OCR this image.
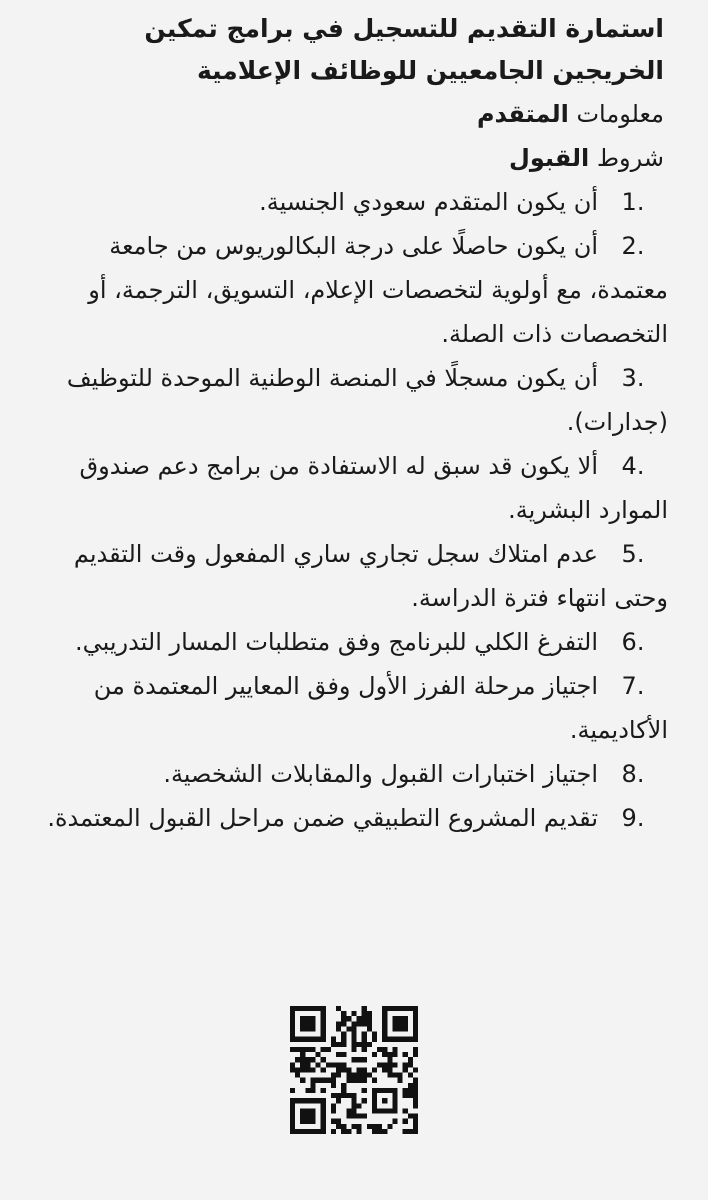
استمارة التقديم للتسجيل في برامج تمكين الخريجين الجامعيين للوظائف الإعلامية

معلومات المتقدم

شروط القبول

1.أن يكون المتقدم سعودي الجنسية.
2.أن يكون حاصلًا على درجة البكالوريوس من جامعة معتمدة، مع أولوية لتخصصات الإعلام، التسويق، الترجمة، أو التخصصات ذات الصلة.
3.أن يكون مسجلًا في المنصة الوطنية الموحدة للتوظيف (جدارات).
4.ألا يكون قد سبق له الاستفادة من برامج دعم صندوق الموارد البشرية.
5.عدم امتلاك سجل تجاري ساري المفعول وقت التقديم وحتى انتهاء فترة الدراسة.
6.التفرغ الكلي للبرنامج وفق متطلبات المسار التدريبي.
7.اجتياز مرحلة الفرز الأول وفق المعايير المعتمدة من الأكاديمية.
8.اجتياز اختبارات القبول والمقابلات الشخصية.
9.تقديم المشروع التطبيقي ضمن مراحل القبول المعتمدة.
